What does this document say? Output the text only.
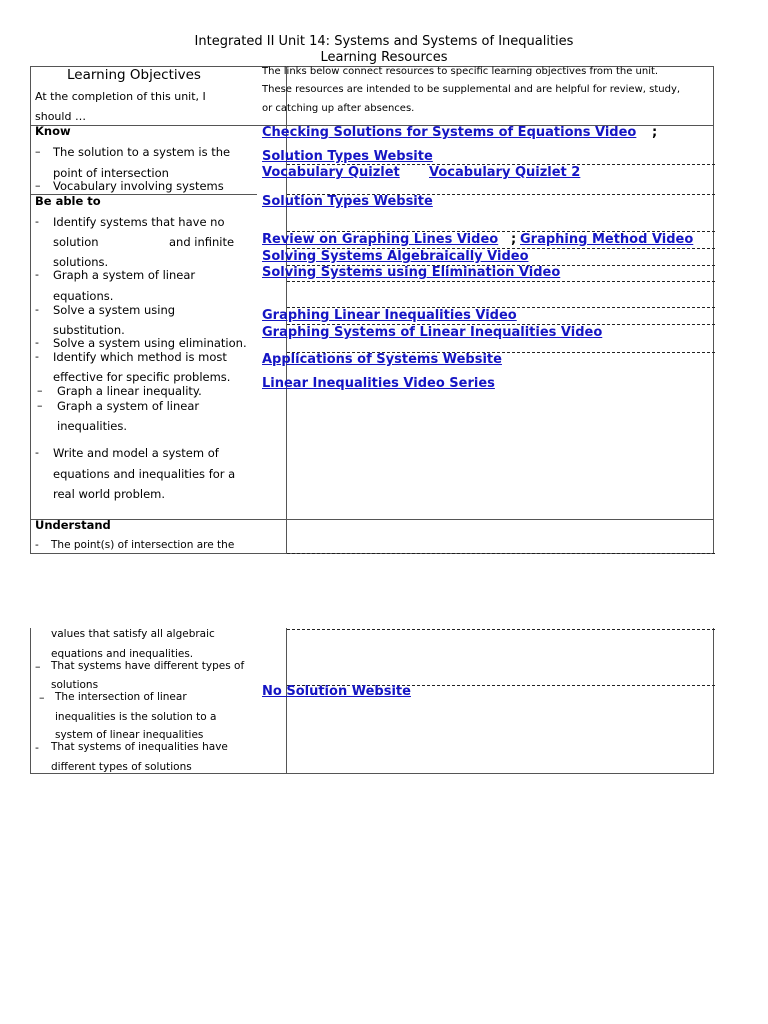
Integrated II Unit 14: Systems and Systems of Inequalities
Learning Resources
Learning Objectives
At the completion of this unit, I
should …
The links below connect resources to specific learning objectives from the unit.
These resources are intended to be supplemental and are helpful for review, study,
or catching up after absences.
Know
– The solution to a system is the
point of intersection
– Vocabulary involving systems
Be able to
- Identify systems that have no
solution	and infinite
solutions.
- Graph a system of linear
equations.
- Solve a system using
substitution.
- Solve a system using elimination.
- Identify which method is most
effective for specific problems.
– Graph a linear inequality.
– Graph a system of linear
inequalities.
- Write and model a system of
equations and inequalities for a
real world problem.
Understand
- The point(s) of intersection are the
Checking Solutions for Systems of Equations Video ;
Solution Types Website
Vocabulary Quizlet Vocabulary Quizlet 2
Solution Types Website
Review on Graphing Lines Video ; Graphing Method Video
Solving Systems Algebraically Video
Solving Systems using Elimination Video
Graphing Linear Inequalities Video
Graphing Systems of Linear Inequalities Video
Applications of Systems Website
Linear Inequalities Video Series
values that satisfy all algebraic
equations and inequalities.
– That systems have different types of
solutions
– The intersection of linear
inequalities is the solution to a
system of linear inequalities
- That systems of inequalities have
different types of solutions
No Solution Website
